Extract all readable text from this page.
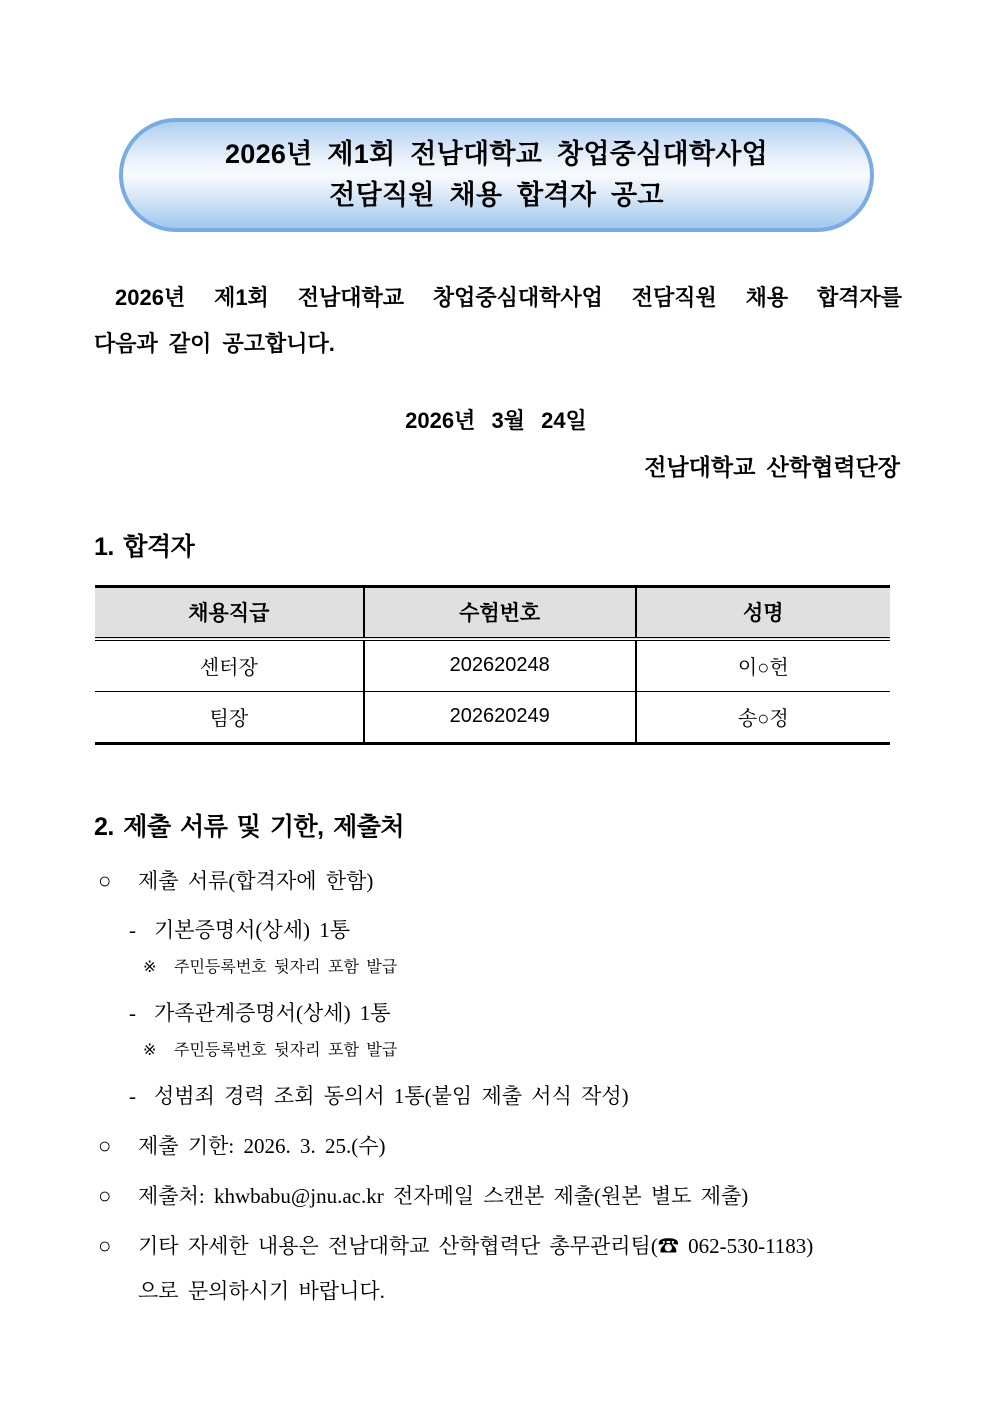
2026년 제1회 전남대학교 창업중심대학사업
전담직원 채용 합격자 공고
2026년 제1회 전남대학교 창업중심대학사업 전담직원 채용 합격자를
다음과 같이 공고합니다.
2026년 3월 24일
전남대학교 산학협력단장
1. 합격자
채용직급	수험번호	성명
센터장	202620248	이○헌
팀장	202620249	송○정
2. 제출 서류 및 기한, 제출처
○	제출 서류(합격자에 한함)
- 기본증명서(상세) 1통
※	주민등록번호 뒷자리 포함 발급
- 가족관계증명서(상세) 1통
※	주민등록번호 뒷자리 포함 발급
- 성범죄 경력 조회 동의서 1통(붙임 제출 서식 작성)
○	제출 기한: 2026. 3. 25.(수)
○	제출처: khwbabu@jnu.ac.kr 전자메일 스캔본 제출(원본 별도 제출)
○	기타 자세한 내용은 전남대학교 산학협력단 총무관리팀(☎ 062-530-1183)
으로 문의하시기 바랍니다.
